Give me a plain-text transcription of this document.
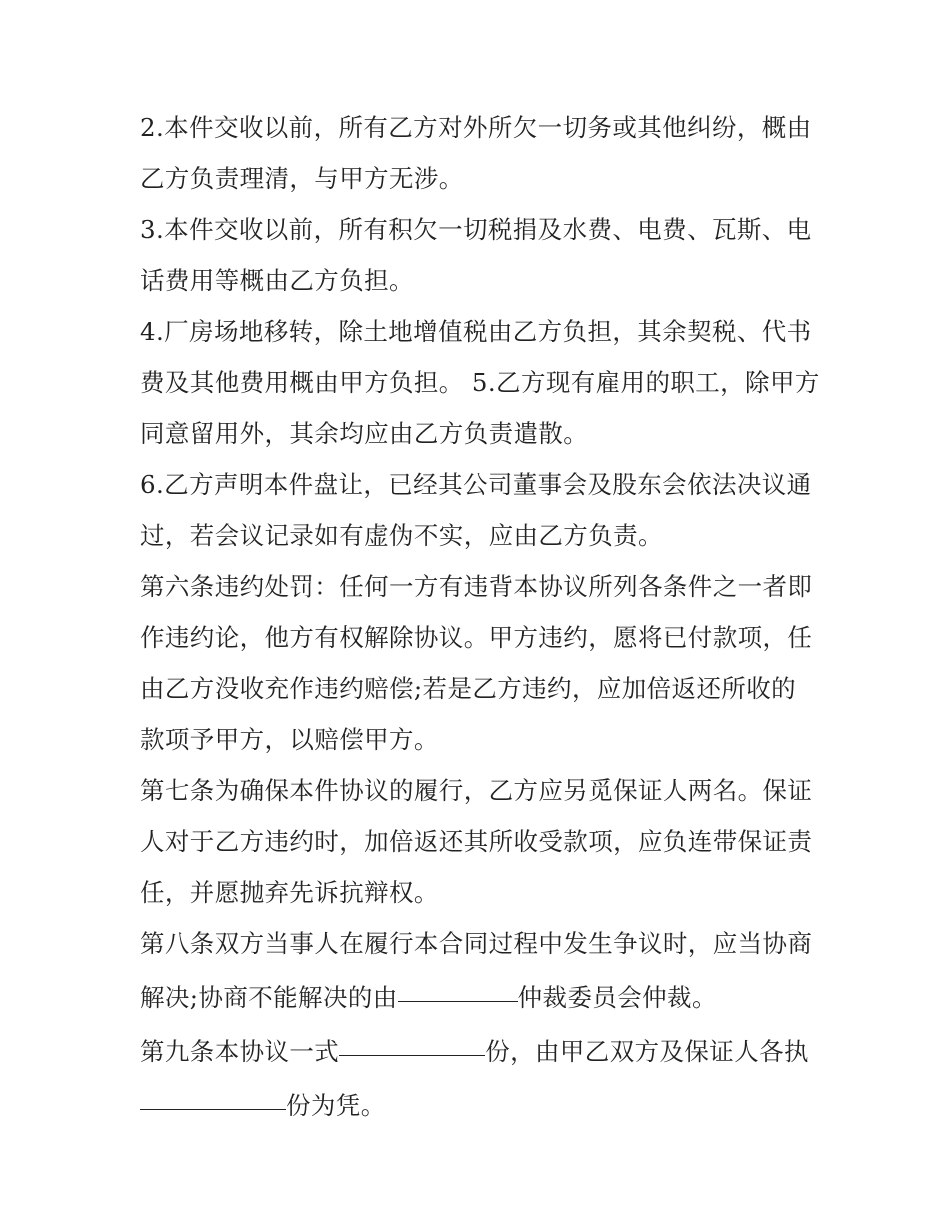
2.本件交收以前，所有乙方对外所欠一切务或其他纠纷，概由乙方负责理清，与甲方无涉。

3.本件交收以前，所有积欠一切税捐及水费、电费、瓦斯、电话费用等概由乙方负担。

4.厂房场地移转，除土地增值税由乙方负担，其余契税、代书费及其他费用概由甲方负担。 5.乙方现有雇用的职工，除甲方同意留用外，其余均应由乙方负责遣散。

6.乙方声明本件盘让，已经其公司董事会及股东会依法决议通过，若会议记录如有虚伪不实，应由乙方负责。

第六条违约处罚：任何一方有违背本协议所列各条件之一者即作违约论，他方有权解除协议。甲方违约，愿将已付款项，任由乙方没收充作违约赔偿;若是乙方违约，应加倍返还所收的款项予甲方，以赔偿甲方。

第七条为确保本件协议的履行，乙方应另觅保证人两名。保证人对于乙方违约时，加倍返还其所收受款项，应负连带保证责任，并愿抛弃先诉抗辩权。

第八条双方当事人在履行本合同过程中发生争议时，应当协商解决;协商不能解决的由	仲裁委员会仲裁。

第九条本协议一式	份，由甲乙双方及保证人各执
份为凭。
